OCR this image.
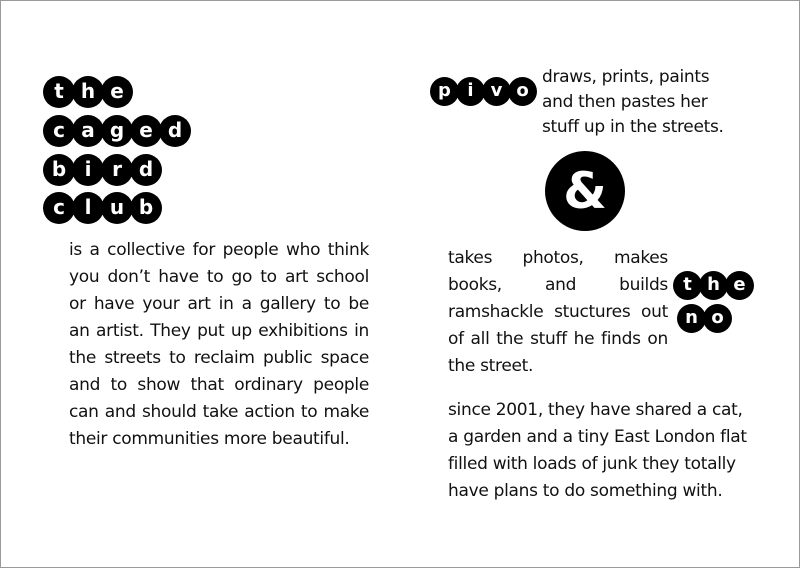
t h e
c a g e d
b i r d
c l u b

is a collective for people who think you don’t have to go to art school or have your art in a gallery to be an artist. They put up exhibitions in the streets to reclaim public space and to show that ordinary people can and should take action to make their communities more beautiful.

p i v o

draws, prints, paints and then pastes her stuff up in the streets.

&

takes photos, makes books, and builds ramshackle stuctures out of all the stuff he finds on the street.

t h e
n o

since 2001, they have shared a cat, a garden and a tiny East London flat filled with loads of junk they totally have plans to do something with.
